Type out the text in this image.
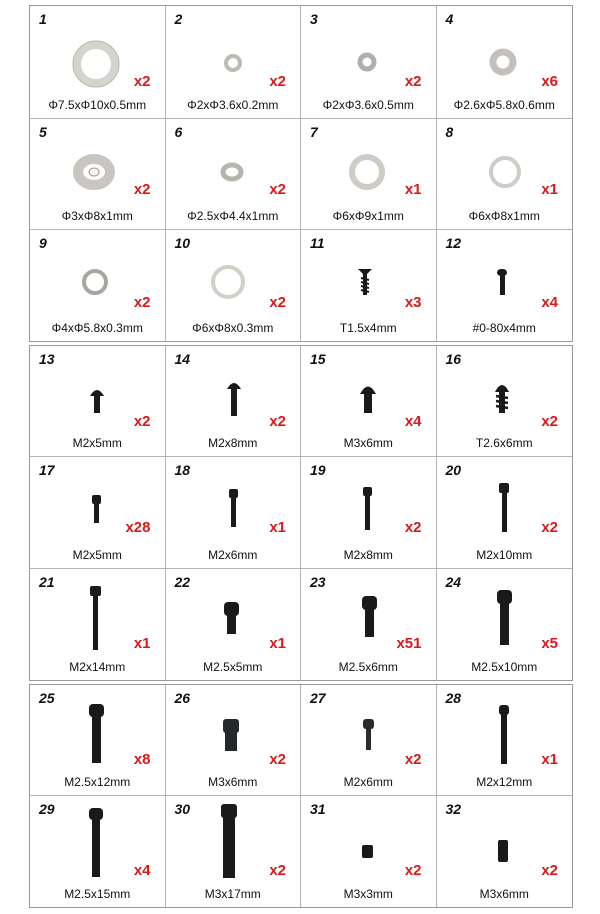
1
x2
Φ7.5xΦ10x0.5mm
2
x2
Φ2xΦ3.6x0.2mm
3
x2
Φ2xΦ3.6x0.5mm
4
x6
Φ2.6xΦ5.8x0.6mm
5
x2
Φ3xΦ8x1mm
6
x2
Φ2.5xΦ4.4x1mm
7
x1
Φ6xΦ9x1mm
8
x1
Φ6xΦ8x1mm
9
x2
Φ4xΦ5.8x0.3mm
10
x2
Φ6xΦ8x0.3mm
11
x3
T1.5x4mm
12
x4
#0-80x4mm
13
x2
M2x5mm
14
x2
M2x8mm
15
x4
M3x6mm
16
x2
T2.6x6mm
17
x28
M2x5mm
18
x1
M2x6mm
19
x2
M2x8mm
20
x2
M2x10mm
21
x1
M2x14mm
22
x1
M2.5x5mm
23
x51
M2.5x6mm
24
x5
M2.5x10mm
25
x8
M2.5x12mm
26
x2
M3x6mm
27
x2
M2x6mm
28
x1
M2x12mm
29
x4
M2.5x15mm
30
x2
M3x17mm
31
x2
M3x3mm
32
x2
M3x6mm
